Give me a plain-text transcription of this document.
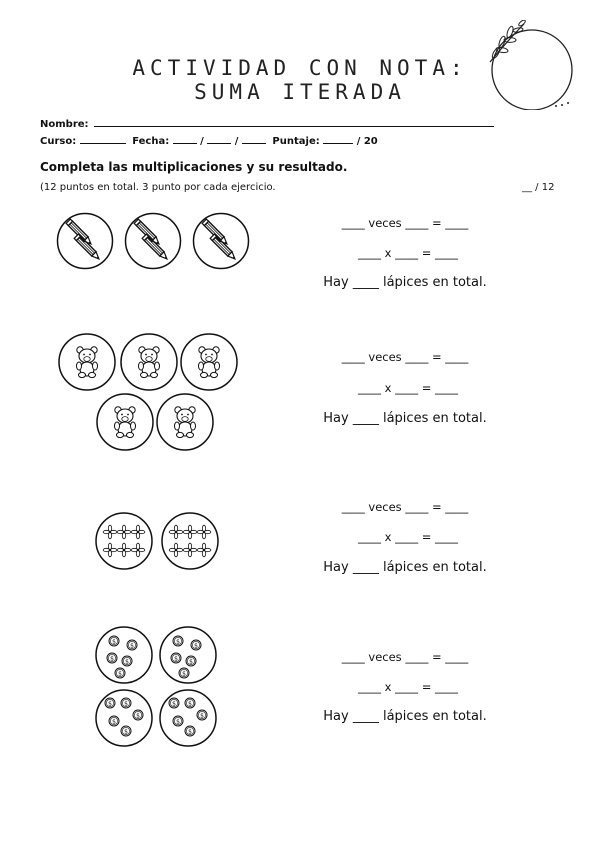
ACTIVIDAD CON NOTA:
SUMA ITERADA
Nombre:
Curso:	Fecha:	/	/	Puntaje:	/ 20
Completa las multiplicaciones y su resultado.
(12 puntos en total. 3 punto por cada ejercicio.	__ / 12
____ veces ____ = ____
____ x ____ = ____
Hay ____ lápices en total.
____ veces ____ = ____
____ x ____ = ____
Hay ____ lápices en total.
____ veces ____ = ____
____ x ____ = ____
Hay ____ lápices en total.
____ veces ____ = ____
____ x ____ = ____
Hay ____ lápices en total.
